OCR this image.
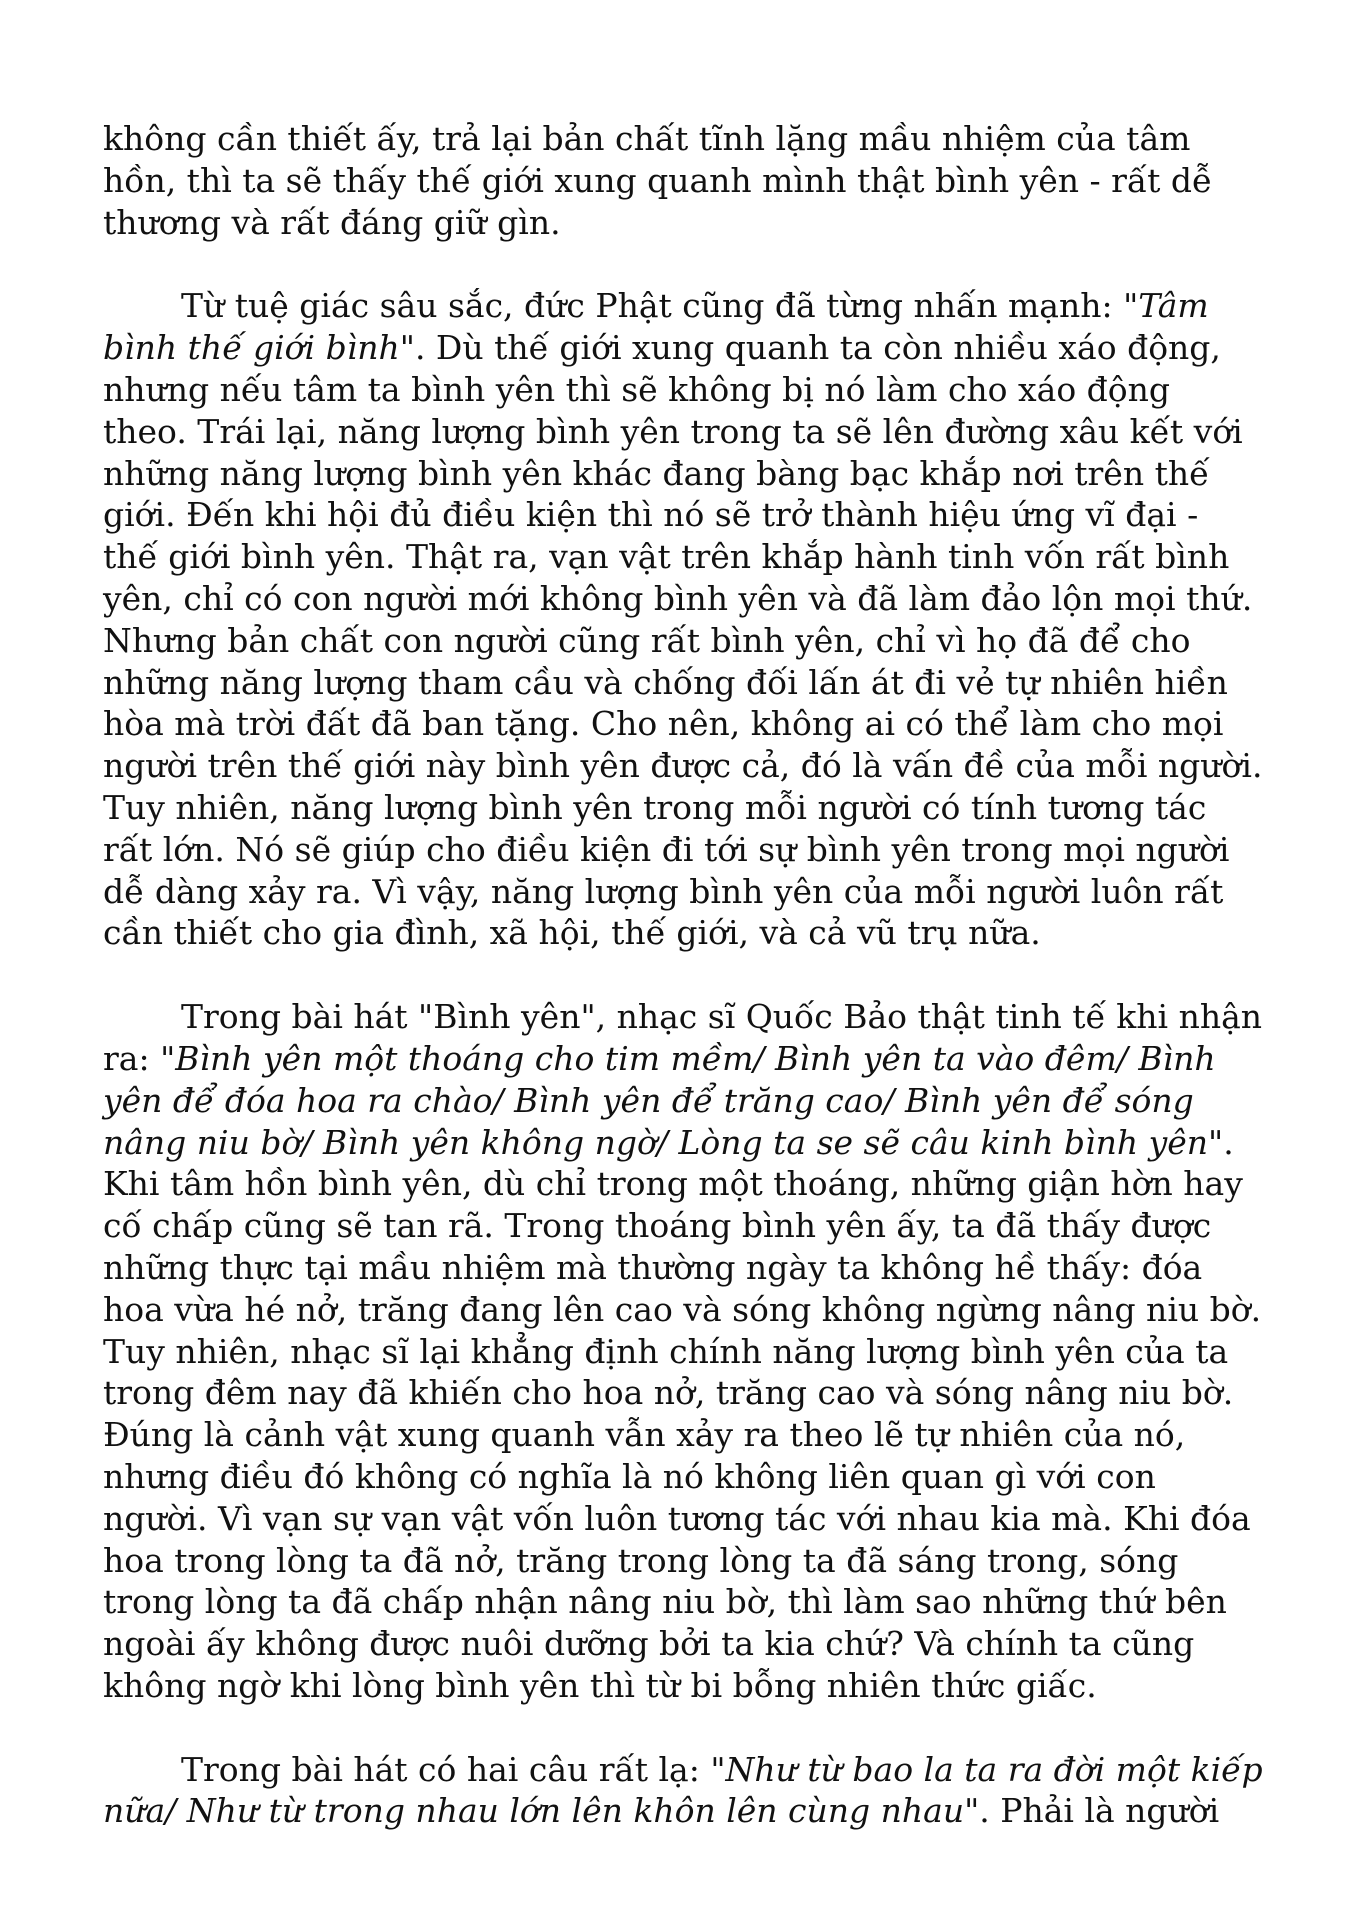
không cần thiết ấy, trả lại bản chất tĩnh lặng mầu nhiệm của tâm hồn, thì ta sẽ thấy thế giới xung quanh mình thật bình yên - rất dễ thương và rất đáng giữ gìn.

Từ tuệ giác sâu sắc, đức Phật cũng đã từng nhấn mạnh: "Tâm bình thế giới bình". Dù thế giới xung quanh ta còn nhiều xáo động, nhưng nếu tâm ta bình yên thì sẽ không bị nó làm cho xáo động theo. Trái lại, năng lượng bình yên trong ta sẽ lên đường xâu kết với những năng lượng bình yên khác đang bàng bạc khắp nơi trên thế giới. Đến khi hội đủ điều kiện thì nó sẽ trở thành hiệu ứng vĩ đại - thế giới bình yên. Thật ra, vạn vật trên khắp hành tinh vốn rất bình yên, chỉ có con người mới không bình yên và đã làm đảo lộn mọi thứ. Nhưng bản chất con người cũng rất bình yên, chỉ vì họ đã để cho những năng lượng tham cầu và chống đối lấn át đi vẻ tự nhiên hiền hòa mà trời đất đã ban tặng. Cho nên, không ai có thể làm cho mọi người trên thế giới này bình yên được cả, đó là vấn đề của mỗi người. Tuy nhiên, năng lượng bình yên trong mỗi người có tính tương tác rất lớn. Nó sẽ giúp cho điều kiện đi tới sự bình yên trong mọi người dễ dàng xảy ra. Vì vậy, năng lượng bình yên của mỗi người luôn rất cần thiết cho gia đình, xã hội, thế giới, và cả vũ trụ nữa.

Trong bài hát "Bình yên", nhạc sĩ Quốc Bảo thật tinh tế khi nhận ra: "Bình yên một thoáng cho tim mềm/ Bình yên ta vào đêm/ Bình yên để đóa hoa ra chào/ Bình yên để trăng cao/ Bình yên để sóng nâng niu bờ/ Bình yên không ngờ/ Lòng ta se sẽ câu kinh bình yên". Khi tâm hồn bình yên, dù chỉ trong một thoáng, những giận hờn hay cố chấp cũng sẽ tan rã. Trong thoáng bình yên ấy, ta đã thấy được những thực tại mầu nhiệm mà thường ngày ta không hề thấy: đóa hoa vừa hé nở, trăng đang lên cao và sóng không ngừng nâng niu bờ. Tuy nhiên, nhạc sĩ lại khẳng định chính năng lượng bình yên của ta trong đêm nay đã khiến cho hoa nở, trăng cao và sóng nâng niu bờ. Đúng là cảnh vật xung quanh vẫn xảy ra theo lẽ tự nhiên của nó, nhưng điều đó không có nghĩa là nó không liên quan gì với con người. Vì vạn sự vạn vật vốn luôn tương tác với nhau kia mà. Khi đóa hoa trong lòng ta đã nở, trăng trong lòng ta đã sáng trong, sóng trong lòng ta đã chấp nhận nâng niu bờ, thì làm sao những thứ bên ngoài ấy không được nuôi dưỡng bởi ta kia chứ? Và chính ta cũng không ngờ khi lòng bình yên thì từ bi bỗng nhiên thức giấc.

Trong bài hát có hai câu rất lạ: "Như từ bao la ta ra đời một kiếp nữa/ Như từ trong nhau lớn lên khôn lên cùng nhau". Phải là người
